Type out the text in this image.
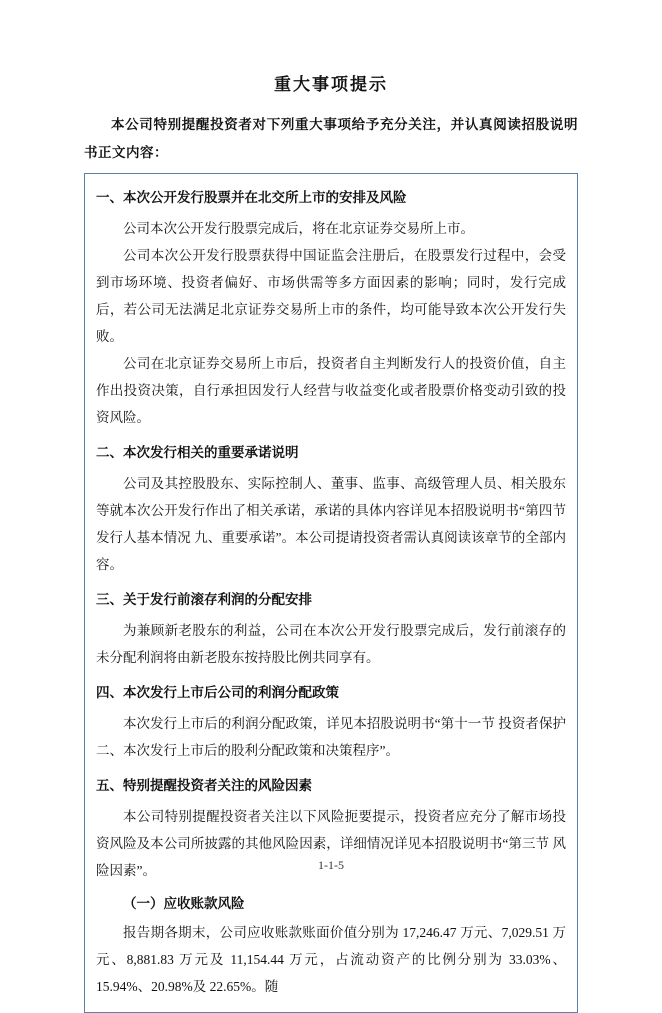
重大事项提示

本公司特别提醒投资者对下列重大事项给予充分关注，并认真阅读招股说明书正文内容：

一、本次公开发行股票并在北交所上市的安排及风险

公司本次公开发行股票完成后，将在北京证券交易所上市。

公司本次公开发行股票获得中国证监会注册后，在股票发行过程中，会受到市场环境、投资者偏好、市场供需等多方面因素的影响；同时，发行完成后，若公司无法满足北京证券交易所上市的条件，均可能导致本次公开发行失败。

公司在北京证券交易所上市后，投资者自主判断发行人的投资价值，自主作出投资决策，自行承担因发行人经营与收益变化或者股票价格变动引致的投资风险。

二、本次发行相关的重要承诺说明

公司及其控股股东、实际控制人、董事、监事、高级管理人员、相关股东等就本次公开发行作出了相关承诺，承诺的具体内容详见本招股说明书“第四节 发行人基本情况 九、重要承诺”。本公司提请投资者需认真阅读该章节的全部内容。

三、关于发行前滚存利润的分配安排

为兼顾新老股东的利益，公司在本次公开发行股票完成后，发行前滚存的未分配利润将由新老股东按持股比例共同享有。

四、本次发行上市后公司的利润分配政策

本次发行上市后的利润分配政策，详见本招股说明书“第十一节 投资者保护 二、本次发行上市后的股利分配政策和决策程序”。

五、特别提醒投资者关注的风险因素

本公司特别提醒投资者关注以下风险扼要提示，投资者应充分了解市场投资风险及本公司所披露的其他风险因素，详细情况详见本招股说明书“第三节 风险因素”。

（一）应收账款风险

报告期各期末，公司应收账款账面价值分别为 17,246.47 万元、7,029.51 万元、8,881.83 万元及 11,154.44 万元，占流动资产的比例分别为 33.03%、15.94%、20.98%及 22.65%。随

1-1-5
